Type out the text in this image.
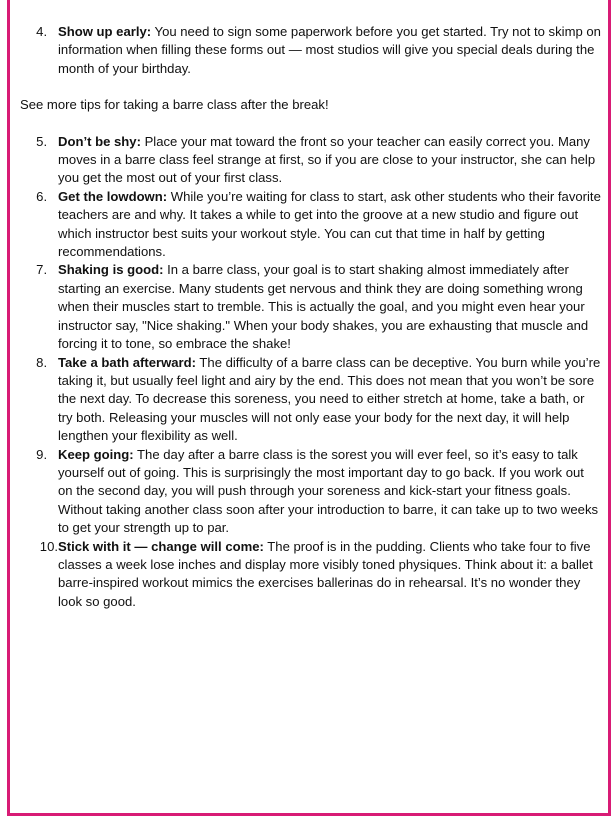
4. Show up early: You need to sign some paperwork before you get started. Try not to skimp on information when filling these forms out — most studios will give you special deals during the month of your birthday.
See more tips for taking a barre class after the break!
5. Don’t be shy: Place your mat toward the front so your teacher can easily correct you. Many moves in a barre class feel strange at first, so if you are close to your instructor, she can help you get the most out of your first class.
6. Get the lowdown: While you’re waiting for class to start, ask other students who their favorite teachers are and why. It takes a while to get into the groove at a new studio and figure out which instructor best suits your workout style. You can cut that time in half by getting recommendations.
7. Shaking is good: In a barre class, your goal is to start shaking almost immediately after starting an exercise. Many students get nervous and think they are doing something wrong when their muscles start to tremble. This is actually the goal, and you might even hear your instructor say, "Nice shaking." When your body shakes, you are exhausting that muscle and forcing it to tone, so embrace the shake!
8. Take a bath afterward: The difficulty of a barre class can be deceptive. You burn while you’re taking it, but usually feel light and airy by the end. This does not mean that you won’t be sore the next day. To decrease this soreness, you need to either stretch at home, take a bath, or try both. Releasing your muscles will not only ease your body for the next day, it will help lengthen your flexibility as well.
9. Keep going: The day after a barre class is the sorest you will ever feel, so it’s easy to talk yourself out of going. This is surprisingly the most important day to go back. If you work out on the second day, you will push through your soreness and kick-start your fitness goals. Without taking another class soon after your introduction to barre, it can take up to two weeks to get your strength up to par.
10. Stick with it — change will come: The proof is in the pudding. Clients who take four to five classes a week lose inches and display more visibly toned physiques. Think about it: a ballet barre-inspired workout mimics the exercises ballerinas do in rehearsal. It’s no wonder they look so good.
